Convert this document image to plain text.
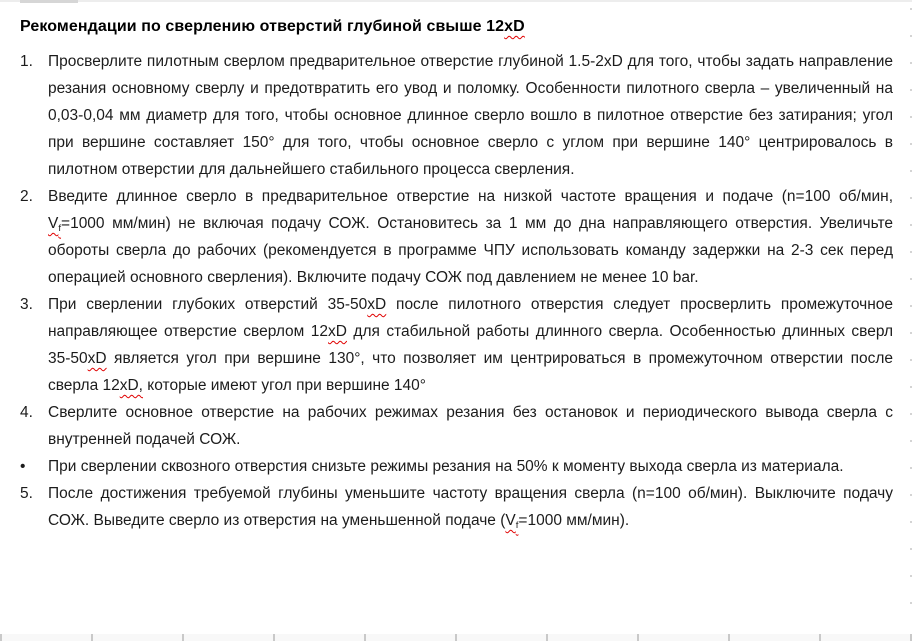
Рекомендации по сверлению отверстий глубиной свыше 12xD
1. Просверлите пилотным сверлом предварительное отверстие глубиной 1.5-2xD для того, чтобы задать направление резания основному сверлу и предотвратить его увод и поломку. Особенности пилотного сверла – увеличенный на 0,03-0,04 мм диаметр для того, чтобы основное длинное сверло вошло в пилотное отверстие без затирания; угол при вершине составляет 150° для того, чтобы основное сверло с углом при вершине 140° центрировалось в пилотном отверстии для дальнейшего стабильного процесса сверления.
2. Введите длинное сверло в предварительное отверстие на низкой частоте вращения и подаче (n=100 об/мин, Vf=1000 мм/мин) не включая подачу СОЖ. Остановитесь за 1 мм до дна направляющего отверстия. Увеличьте обороты сверла до рабочих (рекомендуется в программе ЧПУ использовать команду задержки на 2-3 сек перед операцией основного сверления). Включите подачу СОЖ под давлением не менее 10 bar.
3. При сверлении глубоких отверстий 35-50xD после пилотного отверстия следует просверлить промежуточное направляющее отверстие сверлом 12xD для стабильной работы длинного сверла. Особенностью длинных сверл 35-50xD является угол при вершине 130°, что позволяет им центрироваться в промежуточном отверстии после сверла 12xD, которые имеют угол при вершине 140°
4. Сверлите основное отверстие на рабочих режимах резания без остановок и периодического вывода сверла с внутренней подачей СОЖ.
•	При сверлении сквозного отверстия снизьте режимы резания на 50% к моменту выхода сверла из материала.
5. После достижения требуемой глубины уменьшите частоту вращения сверла (n=100 об/мин). Выключите подачу СОЖ. Выведите сверло из отверстия на уменьшенной подаче (Vf=1000 мм/мин).
